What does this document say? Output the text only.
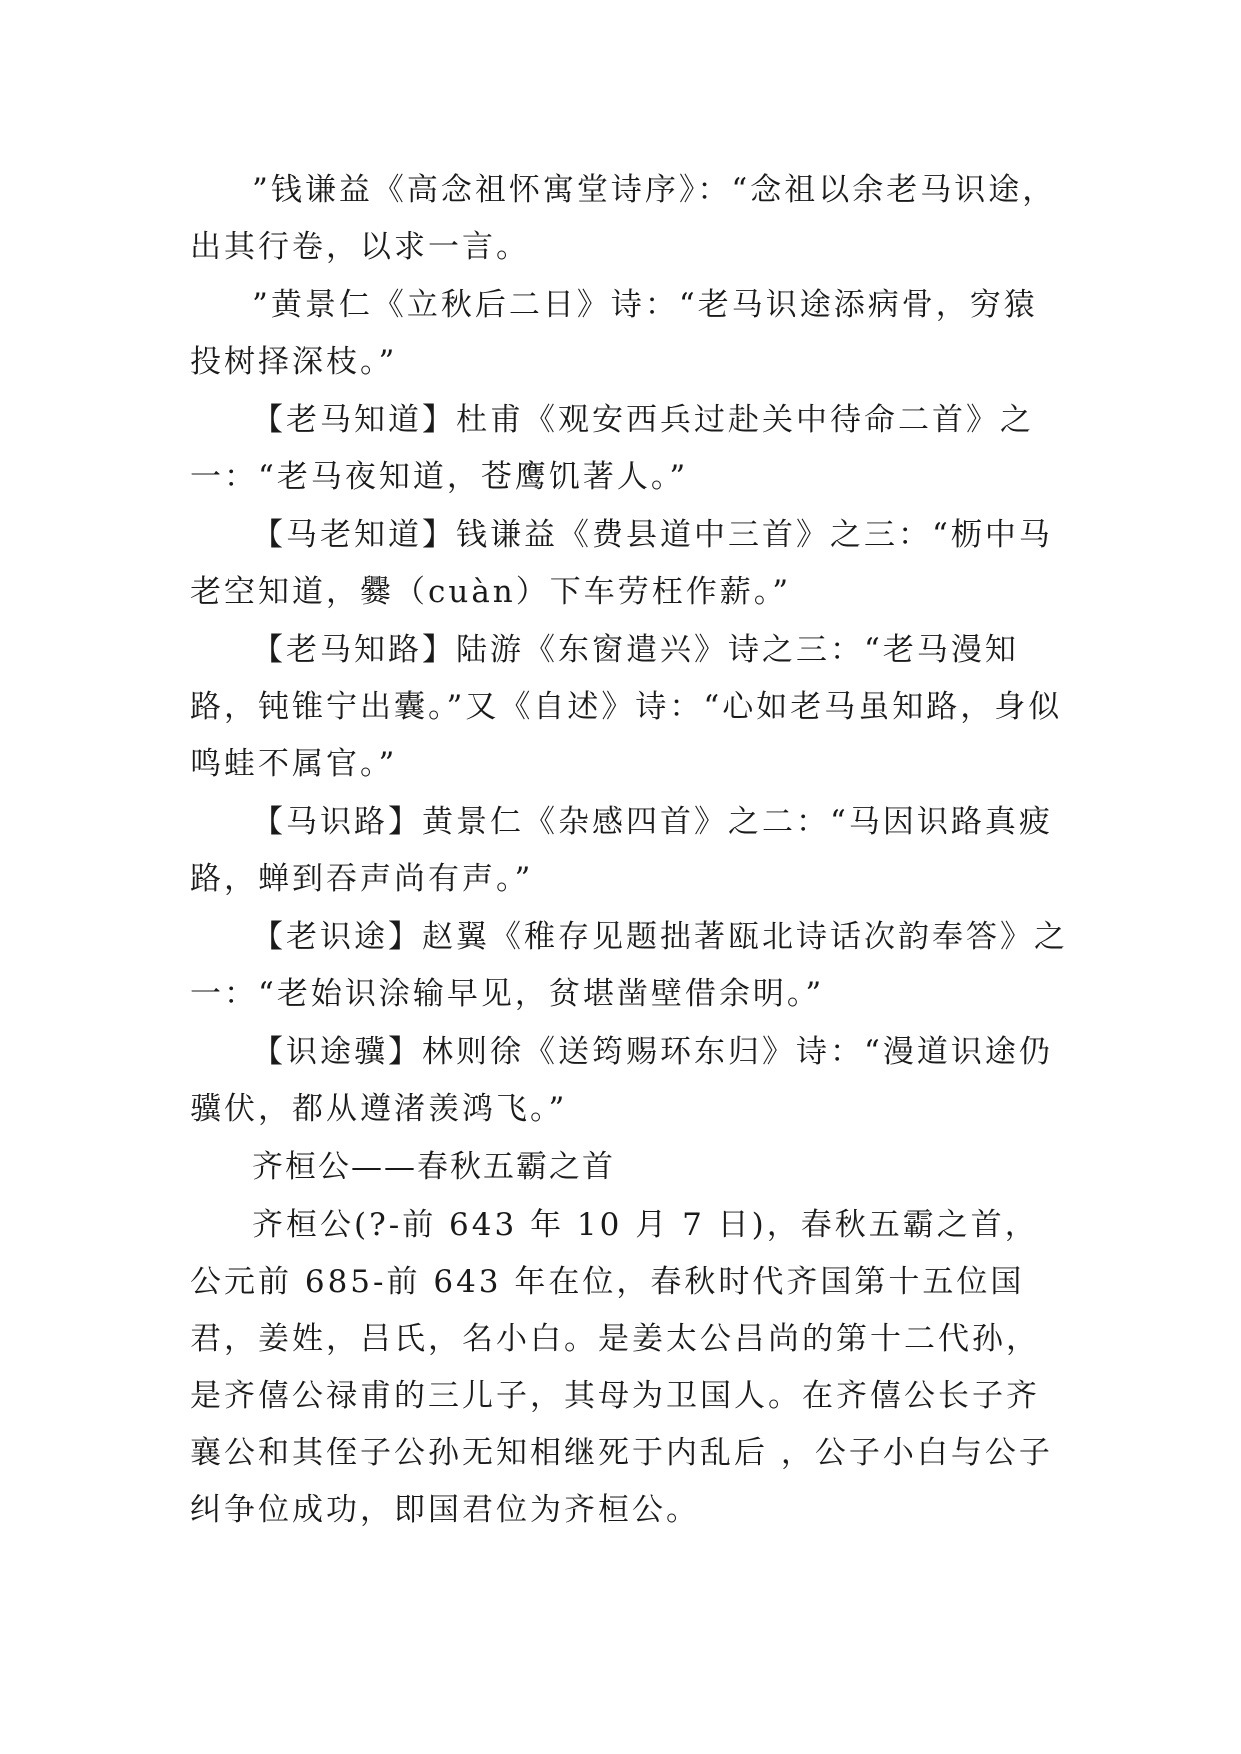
”钱谦益《高念祖怀寓堂诗序》：“念祖以余老马识途，出其行卷，以求一言。

”黄景仁《立秋后二日》诗：“老马识途添病骨，穷猿投树择深枝。”

【老马知道】杜甫《观安西兵过赴关中待命二首》之一：“老马夜知道，苍鹰饥著人。”

【马老知道】钱谦益《费县道中三首》之三：“枥中马老空知道，爨（cuàn）下车劳枉作薪。”

【老马知路】陆游《东窗遣兴》诗之三：“老马漫知路，钝锥宁出囊。”又《自述》诗：“心如老马虽知路，身似鸣蛙不属官。”

【马识路】黄景仁《杂感四首》之二：“马因识路真疲路，蝉到吞声尚有声。”

【老识途】赵翼《稚存见题拙著瓯北诗话次韵奉答》之一：“老始识涂输早见，贫堪凿壁借余明。”

【识途骥】林则徐《送筠赐环东归》诗：“漫道识途仍骥伏，都从遵渚羡鸿飞。”

齐桓公——春秋五霸之首

齐桓公(?-前 643 年 10 月 7 日)，春秋五霸之首，公元前 685-前 643 年在位，春秋时代齐国第十五位国君，姜姓，吕氏，名小白。是姜太公吕尚的第十二代孙，是齐僖公禄甫的三儿子，其母为卫国人。在齐僖公长子齐襄公和其侄子公孙无知相继死于内乱后 ，公子小白与公子纠争位成功，即国君位为齐桓公。
